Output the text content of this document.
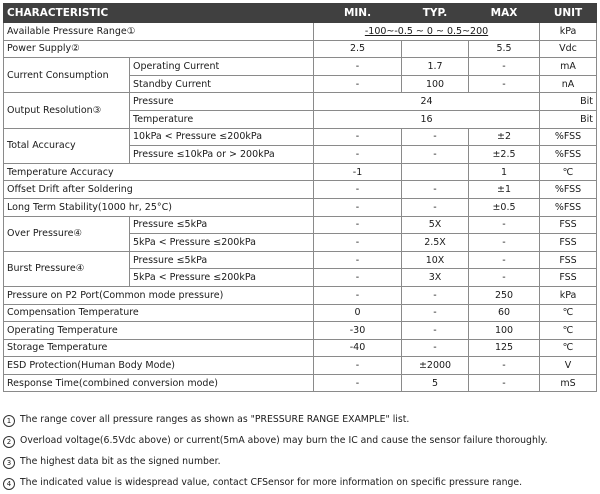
CHARACTERISTIC		MIN.	TYP.	MAX	UNIT
Available Pressure Range①		-100~-0.5 ~ 0 ~ 0.5~200			kPa
Power Supply②		2.5		5.5	Vdc
Current Consumption	Operating Current	-	1.7	-	mA
	Standby Current	-	100	-	nA
Output Resolution③	Pressure	24			Bit
	Temperature	16			Bit
Total Accuracy	10kPa < Pressure ≤200kPa	-	-	±2	%FSS
	Pressure ≤10kPa or > 200kPa	-	-	±2.5	%FSS
Temperature Accuracy		-1		1	℃
Offset Drift after Soldering		-	-	±1	%FSS
Long Term Stability(1000 hr, 25°C)		-	-	±0.5	%FSS
Over Pressure④	Pressure ≤5kPa	-	5X	-	FSS
	5kPa < Pressure ≤200kPa	-	2.5X	-	FSS
Burst Pressure④	Pressure ≤5kPa	-	10X	-	FSS
	5kPa < Pressure ≤200kPa	-	3X	-	FSS
Pressure on P2 Port(Common mode pressure)		-	-	250	kPa
Compensation Temperature		0	-	60	℃
Operating Temperature		-30	-	100	℃
Storage Temperature		-40	-	125	℃
ESD Protection(Human Body Mode)		-	±2000	-	V
Response Time(combined conversion mode)		-	5	-	mS
1 The range cover all pressure ranges as shown as "PRESSURE RANGE EXAMPLE" list.
2 Overload voltage(6.5Vdc above) or current(5mA above) may burn the IC and cause the sensor failure thoroughly.
3 The highest data bit as the signed number.
4 The indicated value is widespread value, contact CFSensor for more information on specific pressure range.
